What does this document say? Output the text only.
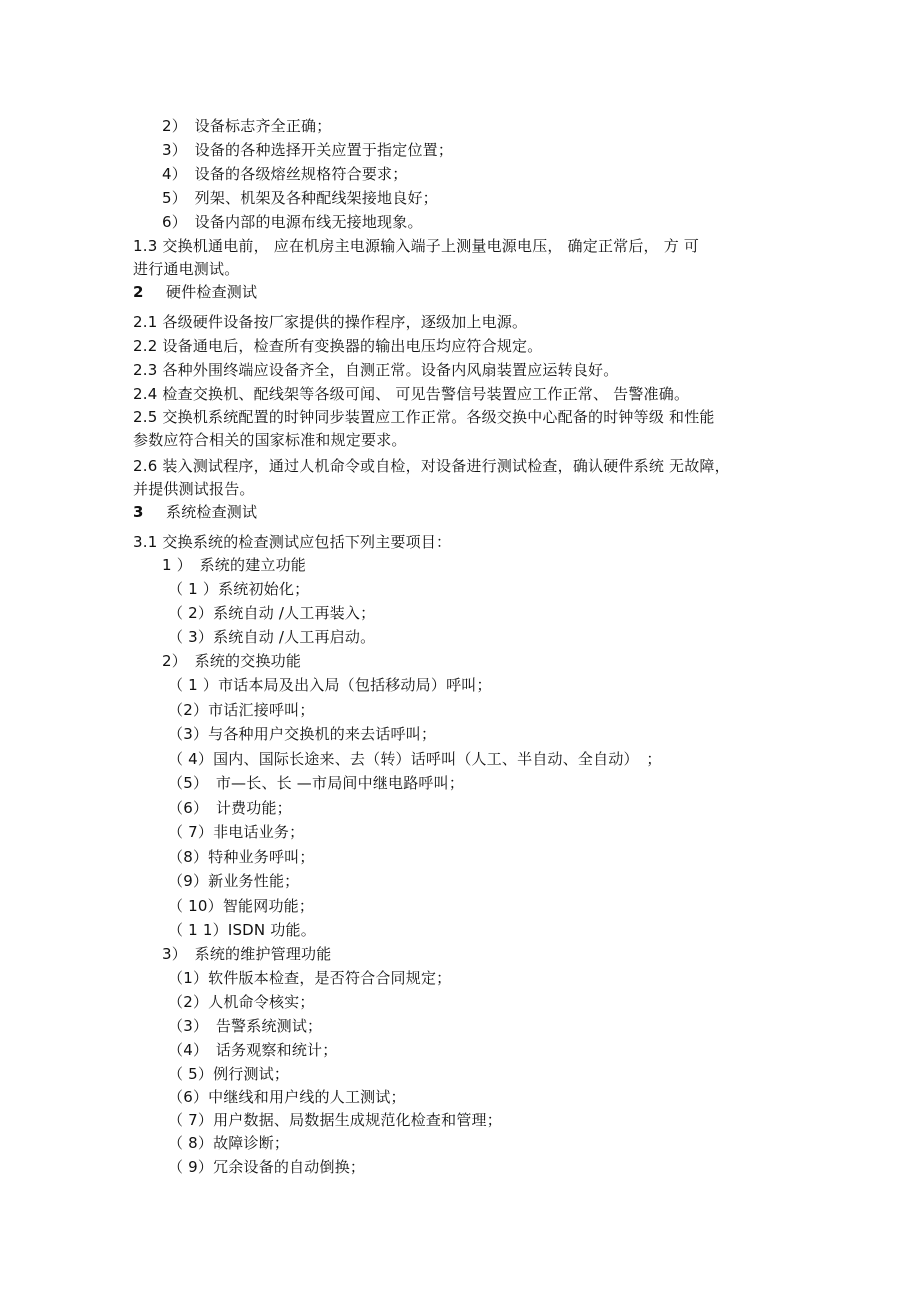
2）　设备标志齐全正确；
3）　设备的各种选择开关应置于指定位置；
4）　设备的各级熔丝规格符合要求；
5）　列架、机架及各种配线架接地良好；
6）　设备内部的电源布线无接地现象。
1.3 交换机通电前， 应在机房主电源输入端子上测量电源电压， 确定正常后， 方 可
进行通电测试。
2 硬件检查测试
2.1 各级硬件设备按厂家提供的操作程序，逐级加上电源。
2.2 设备通电后，检查所有变换器的输出电压均应符合规定。
2.3 各种外围终端应设备齐全，自测正常。设备内风扇装置应运转良好。
2.4 检查交换机、配线架等各级可闻、 可见告警信号装置应工作正常、 告警准确。
2.5 交换机系统配置的时钟同步装置应工作正常。各级交换中心配备的时钟等级 和性能
参数应符合相关的国家标准和规定要求。
2.6 装入测试程序，通过人机命令或自检，对设备进行测试检查，确认硬件系统 无故障，
并提供测试报告。
3 系统检查测试
3.1 交换系统的检查测试应包括下列主要项目：
1 ）　系统的建立功能
（ 1 ）系统初始化；
（ 2）系统自动 /人工再装入；
（ 3）系统自动 /人工再启动。
2）　系统的交换功能
（ 1 ）市话本局及出入局（包括移动局）呼叫；
（2）市话汇接呼叫；
（3）与各种用户交换机的来去话呼叫；
（ 4）国内、国际长途来、去（转）话呼叫（人工、半自动、全自动）　；
（5）　市—长、长 —市局间中继电路呼叫；
（6）　计费功能；
（ 7）非电话业务；
（8）特种业务呼叫；
（9）新业务性能；
（ 10）智能网功能；
（ 1 1）ISDN 功能。
3）　系统的维护管理功能
（1）软件版本检查，是否符合合同规定；
（2）人机命令核实；
（3）　告警系统测试；
（4）　话务观察和统计；
（ 5）例行测试；
（6）中继线和用户线的人工测试；
（ 7）用户数据、局数据生成规范化检查和管理；
（ 8）故障诊断；
（ 9）冗余设备的自动倒换；
